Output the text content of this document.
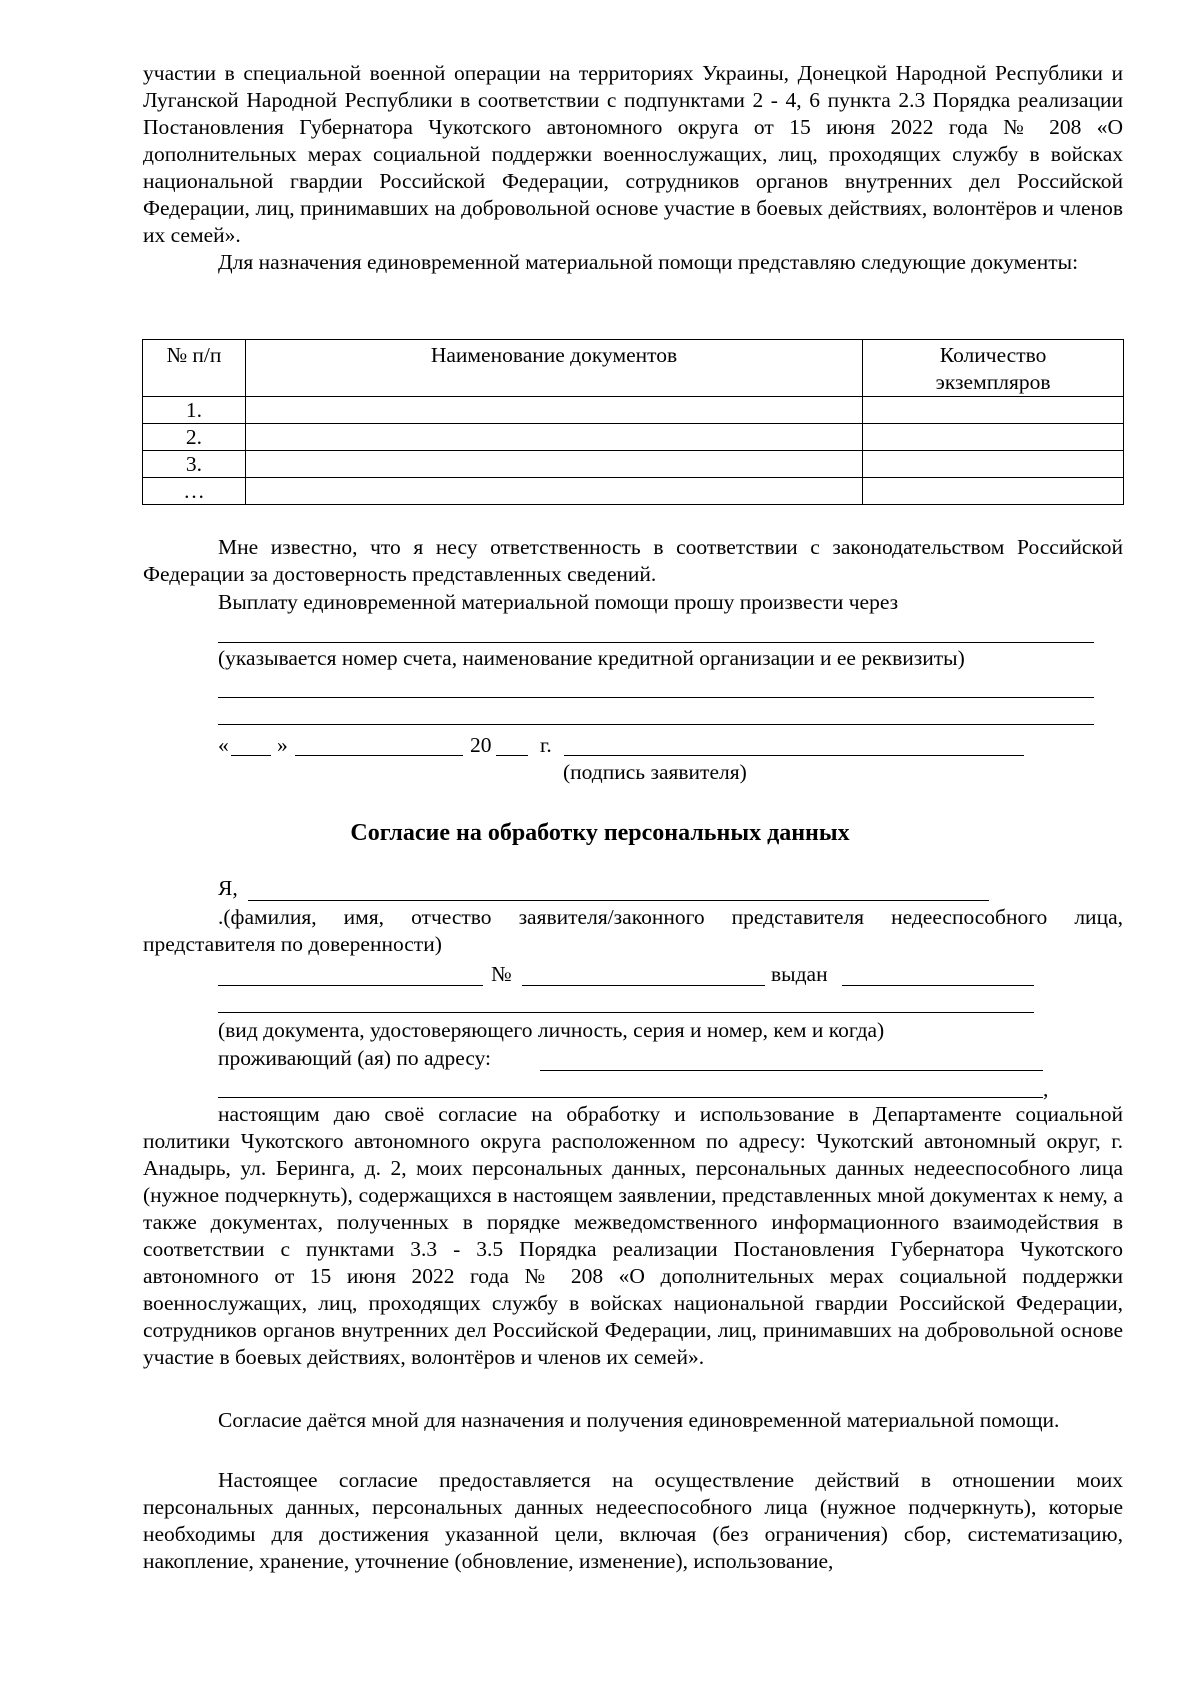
участии в специальной военной операции на территориях Украины, Донецкой Народной Республики и Луганской Народной Республики в соответствии с подпунктами 2 - 4, 6 пункта 2.3 Порядка реализации Постановления Губернатора Чукотского автономного округа от 15 июня 2022 года № 208 «О дополнительных мерах социальной поддержки военнослужащих, лиц, проходящих службу в войсках национальной гвардии Российской Федерации, сотрудников органов внутренних дел Российской Федерации, лиц, принимавших на добровольной основе участие в боевых действиях, волонтёров и членов их семей».
Для назначения единовременной материальной помощи представляю следующие документы:
№ п/п	Наименование документов	Количество экземпляров
1.		
2.		
3.		
…		
Мне известно, что я несу ответственность в соответствии с законодательством Российской Федерации за достоверность представленных сведений.
Выплату единовременной материальной помощи прошу произвести через
(указывается номер счета, наименование кредитной организации и ее реквизиты)
« »	20 г.
(подпись заявителя)
Согласие на обработку персональных данных
Я,
.(фамилия, имя, отчество заявителя/законного представителя недееспособного лица, представителя по доверенности)
№	выдан
(вид документа, удостоверяющего личность, серия и номер, кем и когда)
проживающий (ая) по адресу:
,
настоящим даю своё согласие на обработку и использование в Департаменте социальной политики Чукотского автономного округа расположенном по адресу: Чукотский автономный округ, г. Анадырь, ул. Беринга, д. 2, моих персональных данных, персональных данных недееспособного лица (нужное подчеркнуть), содержащихся в настоящем заявлении, представленных мной документах к нему, а также документах, полученных в порядке межведомственного информационного взаимодействия в соответствии с пунктами 3.3 - 3.5 Порядка реализации Постановления Губернатора Чукотского автономного от 15 июня 2022 года № 208 «О дополнительных мерах социальной поддержки военнослужащих, лиц, проходящих службу в войсках национальной гвардии Российской Федерации, сотрудников органов внутренних дел Российской Федерации, лиц, принимавших на добровольной основе участие в боевых действиях, волонтёров и членов их семей».
Согласие даётся мной для назначения и получения единовременной материальной помощи.
Настоящее согласие предоставляется на осуществление действий в отношении моих персональных данных, персональных данных недееспособного лица (нужное подчеркнуть), которые необходимы для достижения указанной цели, включая (без ограничения) сбор, систематизацию, накопление, хранение, уточнение (обновление, изменение), использование,
